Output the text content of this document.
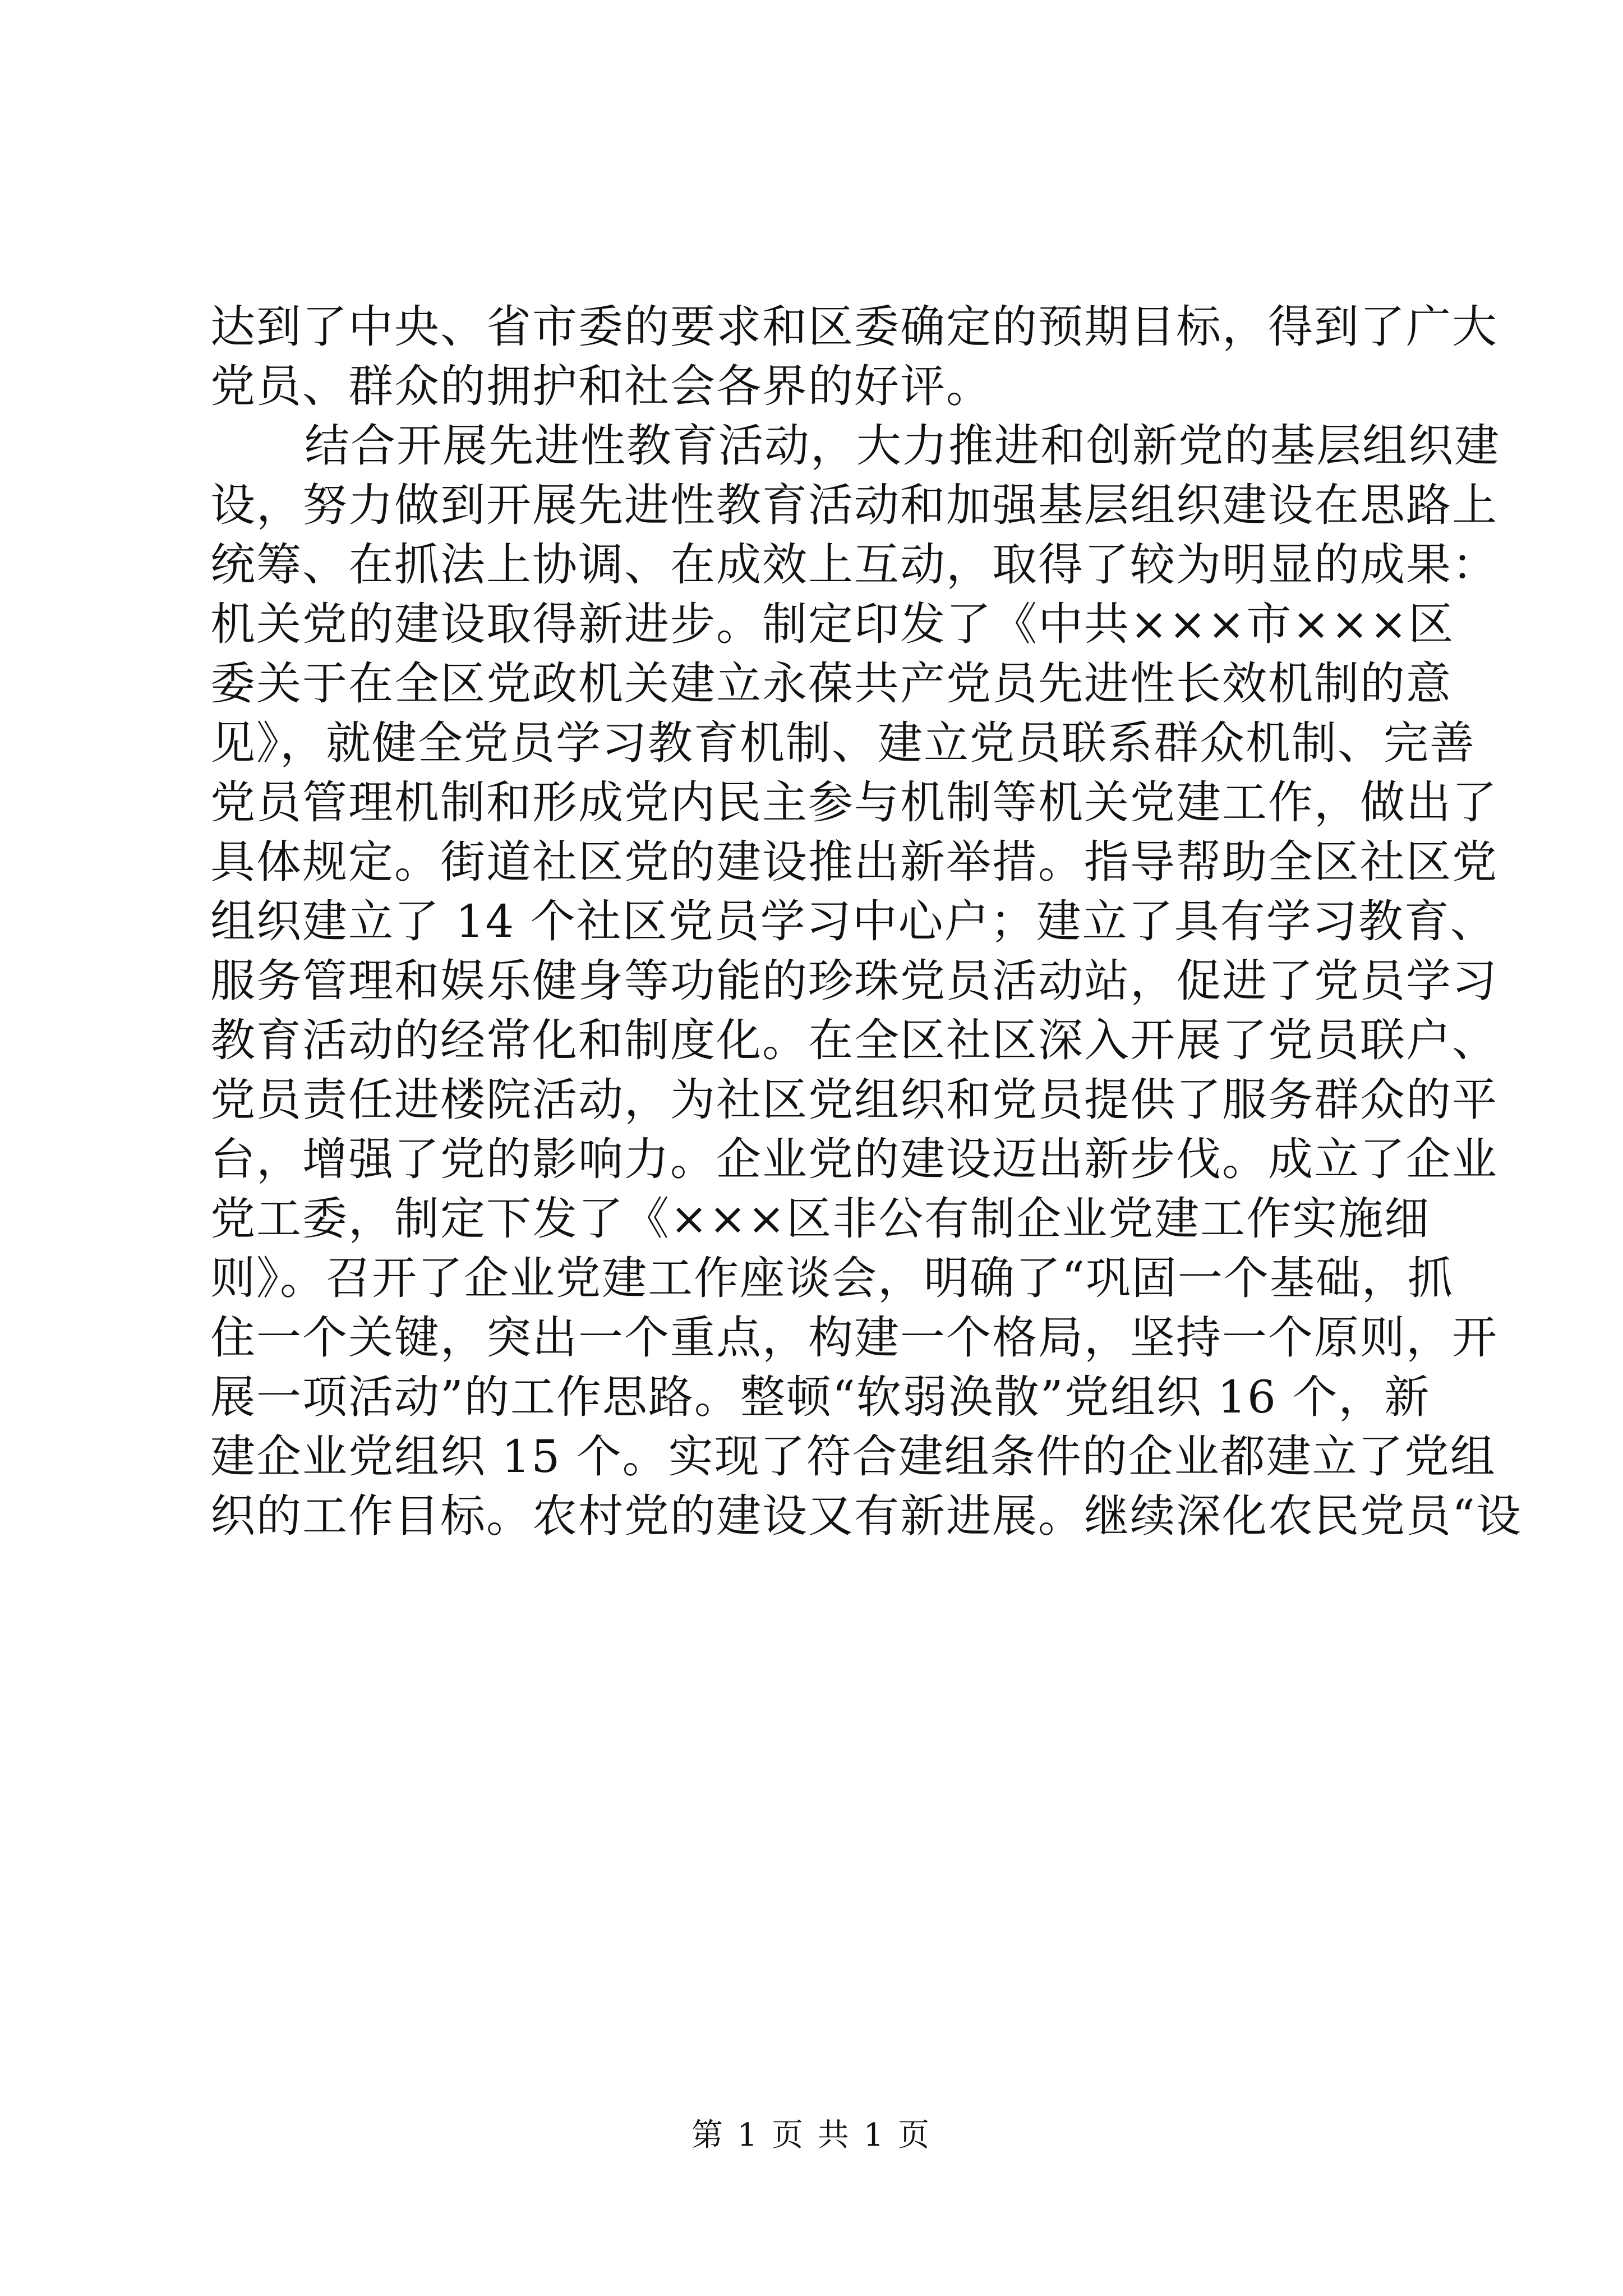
达到了中央、省市委的要求和区委确定的预期目标，得到了广大
党员、群众的拥护和社会各界的好评。
结合开展先进性教育活动，大力推进和创新党的基层组织建
设，努力做到开展先进性教育活动和加强基层组织建设在思路上
统筹、在抓法上协调、在成效上互动，取得了较为明显的成果：
机关党的建设取得新进步。制定印发了《中共×××市×××区
委关于在全区党政机关建立永葆共产党员先进性长效机制的意
见》，就健全党员学习教育机制、建立党员联系群众机制、完善
党员管理机制和形成党内民主参与机制等机关党建工作，做出了
具体规定。街道社区党的建设推出新举措。指导帮助全区社区党
组织建立了 14 个社区党员学习中心户；建立了具有学习教育、
服务管理和娱乐健身等功能的珍珠党员活动站，促进了党员学习
教育活动的经常化和制度化。在全区社区深入开展了党员联户、
党员责任进楼院活动，为社区党组织和党员提供了服务群众的平
台，增强了党的影响力。企业党的建设迈出新步伐。成立了企业
党工委，制定下发了《×××区非公有制企业党建工作实施细
则》。召开了企业党建工作座谈会，明确了“巩固一个基础，抓
住一个关键，突出一个重点，构建一个格局，坚持一个原则，开
展一项活动”的工作思路。整顿“软弱涣散”党组织 16 个，新
建企业党组织 15 个。实现了符合建组条件的企业都建立了党组
织的工作目标。农村党的建设又有新进展。继续深化农民党员“设
第 1 页 共 1 页
